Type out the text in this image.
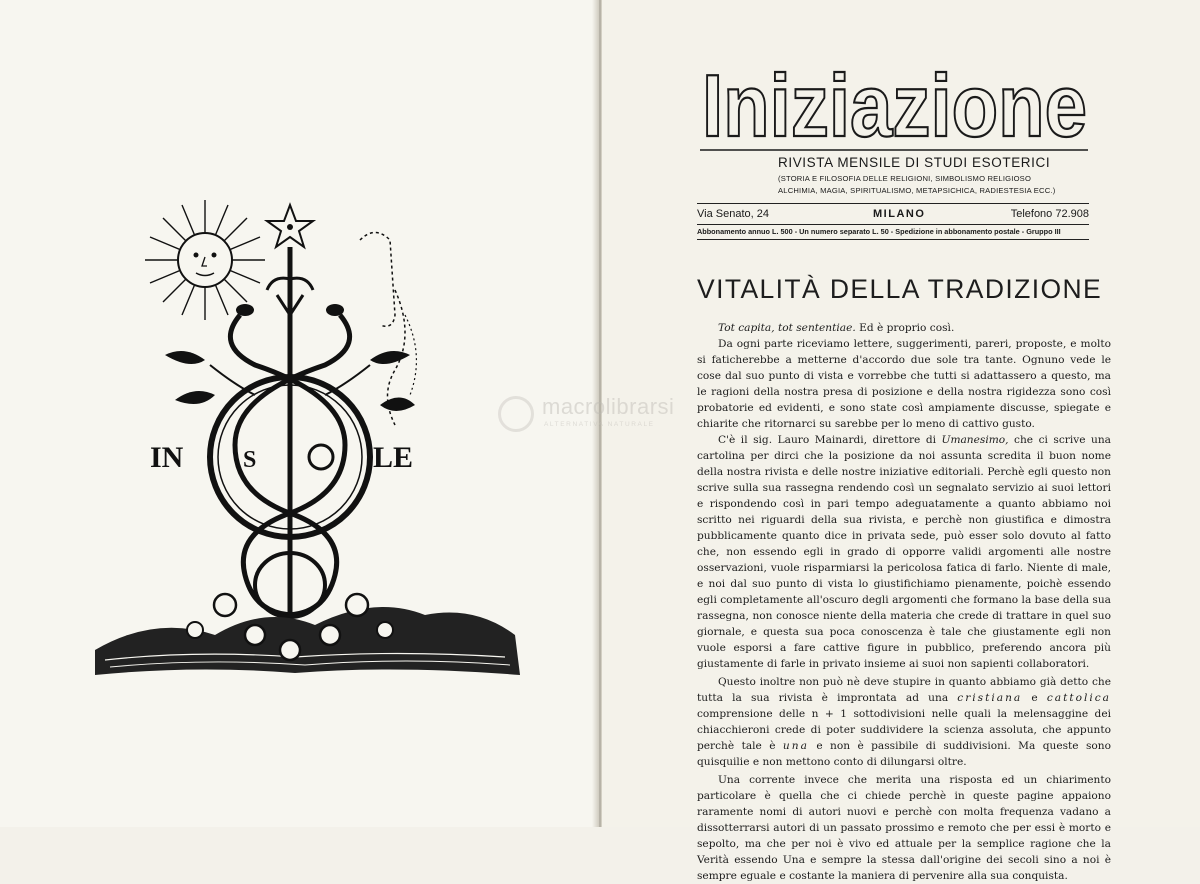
IN S	LE
Iniziazione
RIVISTA MENSILE DI STUDI ESOTERICI
(STORIA E FILOSOFIA DELLE RELIGIONI, SIMBOLISMO RELIGIOSO
ALCHIMIA, MAGIA, SPIRITUALISMO, METAPSICHICA, RADIESTESIA ECC.)
Via Senato, 24	MILANO	Telefono 72.908
Abbonamento annuo L. 500 - Un numero separato L. 50 - Spedizione in abbonamento postale - Gruppo III
VITALITÀ DELLA TRADIZIONE

Tot capita, tot sententiae. Ed è proprio così.

Da ogni parte riceviamo lettere, suggerimenti, pareri, proposte, e molto si faticherebbe a metterne d'accordo due sole tra tante. Ognuno vede le cose dal suo punto di vista e vorrebbe che tutti si adattassero a questo, ma le ragioni della nostra presa di posizione e della nostra rigidezza sono così probatorie ed evidenti, e sono state così ampiamente discusse, spiegate e chiarite che ritornarci su sarebbe per lo meno di cattivo gusto.

C'è il sig. Lauro Mainardi, direttore di Umanesimo, che ci scrive una cartolina per dirci che la posizione da noi assunta scredita il buon nome della nostra rivista e delle nostre iniziative editoriali. Perchè egli questo non scrive sulla sua rassegna rendendo così un segnalato servizio ai suoi lettori e rispondendo così in pari tempo adeguatamente a quanto abbiamo noi scritto nei riguardi della sua rivista, e perchè non giustifica e dimostra pubblicamente quanto dice in privata sede, può esser solo dovuto al fatto che, non essendo egli in grado di opporre validi argomenti alle nostre osservazioni, vuole risparmiarsi la pericolosa fatica di farlo. Niente di male, e noi dal suo punto di vista lo giustifichiamo pienamente, poichè essendo egli completamente all'oscuro degli argomenti che formano la base della sua rassegna, non conosce niente della materia che crede di trattare in quel suo giornale, e questa sua poca conoscenza è tale che giustamente egli non vuole esporsi a fare cattive figure in pubblico, preferendo ancora più giustamente di farle in privato insieme ai suoi non sapienti collaboratori.

Questo inoltre non può nè deve stupire in quanto abbiamo già detto che tutta la sua rivista è improntata ad una cristiana e cattolica comprensione delle n + 1 sottodivisioni nelle quali la melensaggine dei chiacchieroni crede di poter suddividere la scienza assoluta, che appunto perchè tale è una e non è passibile di suddivisioni. Ma queste sono quisquilie e non mettono conto di dilungarsi oltre.

Una corrente invece che merita una risposta ed un chiarimento particolare è quella che ci chiede perchè in queste pagine appaiono raramente nomi di autori nuovi e perchè con molta frequenza vadano a dissotterrarsi autori di un passato prossimo e remoto che per essi è morto e sepolto, ma che per noi è vivo ed attuale per la semplice ragione che la Verità essendo Una e sempre la stessa dall'origine dei secoli sino a noi è sempre eguale e costante la maniera di pervenire alla sua conquista.

macrolibrarsi
ALTERNATIVA NATURALE
